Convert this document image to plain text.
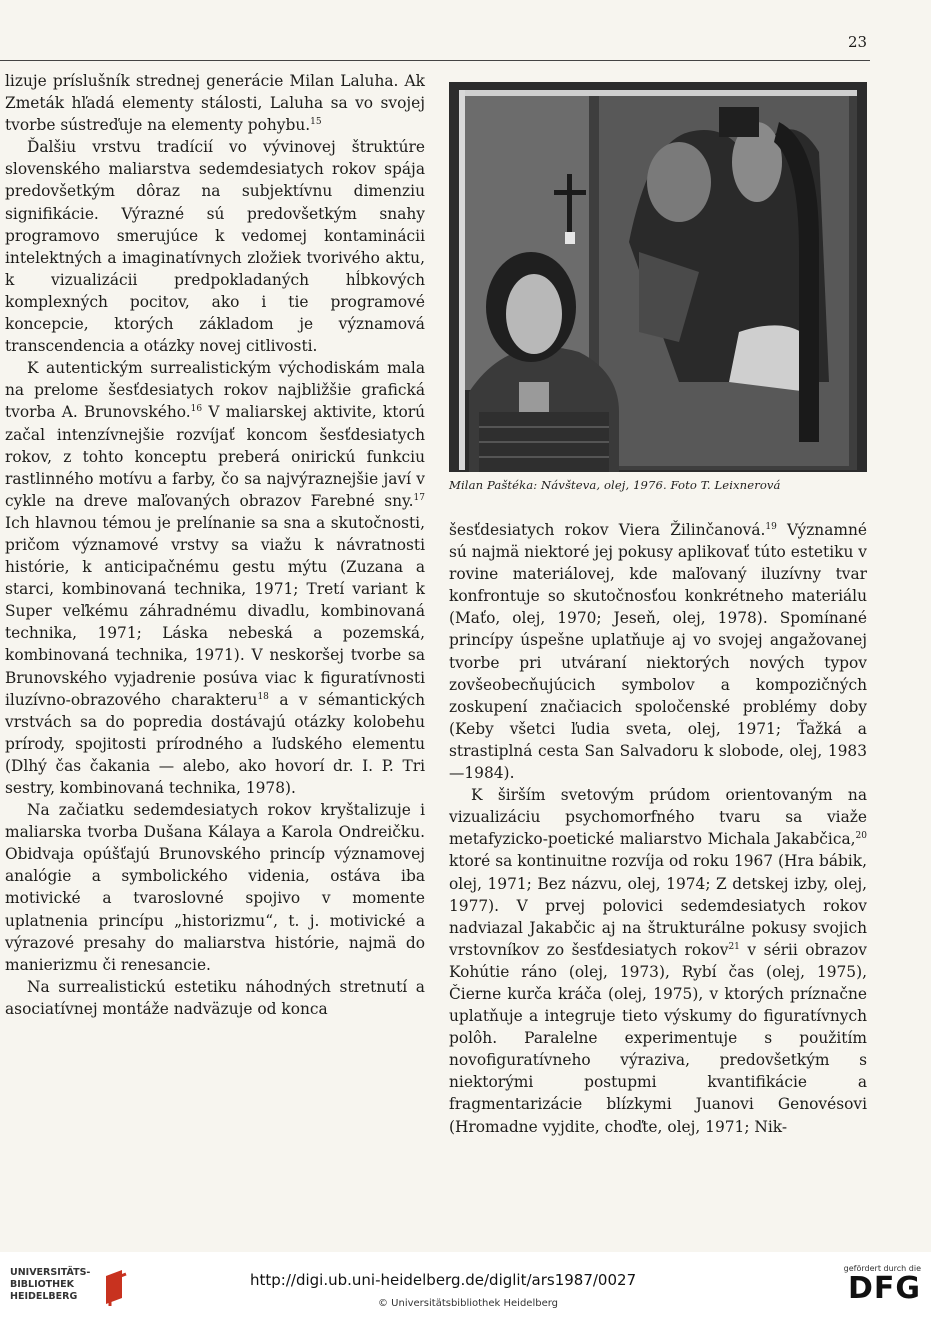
23

lizuje príslušník strednej generácie Milan Laluha. Ak Zmeták hľadá elementy stálosti, Laluha sa vo svojej tvorbe sústreďuje na elementy pohybu.$^{15}$

Ďalšiu vrstvu tradícií vo vývinovej štruktúre slovenského maliarstva sedemdesiatych rokov spája predovšetkým dôraz na subjektívnu dimenziu signifikácie. Výrazné sú predovšetkým snahy programovo smerujúce k vedomej kontaminácii intelektných a imaginatívnych zložiek tvorivého aktu, k vizualizácii predpokladaných hĺbkových komplexných pocitov, ako i tie programové koncepcie, ktorých základom je významová transcendencia a otázky novej citlivosti.

K autentickým surrealistickým východiskám mala na prelome šesťdesiatych rokov najbližšie grafická tvorba A. Brunovského.$^{16}$ V maliarskej aktivite, ktorú začal intenzívnejšie rozvíjať koncom šesťdesiatych rokov, z tohto konceptu preberá onirickú funkciu rastlinného motívu a farby, čo sa najvýraznejšie javí v cykle na dreve maľovaných obrazov Farebné sny.$^{17}$ Ich hlavnou témou je prelínanie sa sna a skutočnosti, pričom významové vrstvy sa viažu k návratnosti histórie, k anticipačnému gestu mýtu (Zuzana a starci, kombinovaná technika, 1971; Tretí variant k Super veľkému záhradnému divadlu, kombinovaná technika, 1971; Láska nebeská a pozemská, kombinovaná technika, 1971). V neskoršej tvorbe sa Brunovského vyjadrenie posúva viac k figuratívnosti iluzívno-obrazového charakteru$^{18}$ a v sémantických vrstvách sa do popredia dostávajú otázky kolobehu prírody, spojitosti prírodného a ľudského elementu (Dlhý čas čakania — alebo, ako hovorí dr. I. P. Tri sestry, kombinovaná technika, 1978).

Na začiatku sedemdesiatych rokov kryštalizuje i maliarska tvorba Dušana Kálaya a Karola Ondreičku. Obidvaja opúšťajú Brunovského princíp významovej analógie a symbolického videnia, ostáva iba motivické a tvaroslovné spojivo v momente uplatnenia princípu „historizmu“, t. j. motivické a výrazové presahy do maliarstva histórie, najmä do manierizmu či renesancie.

Na surrealistickú estetiku náhodných stretnutí a asociatívnej montáže nadväzuje od konca

Milan Paštéka: Návšteva, olej, 1976. Foto T. Leixnerová

šesťdesiatych rokov Viera Žilinčanová.$^{19}$ Významné sú najmä niektoré jej pokusy aplikovať túto estetiku v rovine materiálovej, kde maľovaný iluzívny tvar konfrontuje so skutočnosťou konkrétneho materiálu (Maťo, olej, 1970; Jeseň, olej, 1978). Spomínané princípy úspešne uplatňuje aj vo svojej angažovanej tvorbe pri utváraní niektorých nových typov zovšeobecňujúcich symbolov a kompozičných zoskupení značiacich spoločenské problémy doby (Keby všetci ľudia sveta, olej, 1971; Ťažká a strastiplná cesta San Salvadoru k slobode, olej, 1983—1984).

K širším svetovým prúdom orientovaným na vizualizáciu psychomorfného tvaru sa viaže metafyzicko-poetické maliarstvo Michala Jakabčica,$^{20}$ ktoré sa kontinuitne rozvíja od roku 1967 (Hra bábik, olej, 1971; Bez názvu, olej, 1974; Z detskej izby, olej, 1977). V prvej polovici sedemdesiatych rokov nadviazal Jakabčic aj na štrukturálne pokusy svojich vrstovníkov zo šesťdesiatych rokov$^{21}$ v sérii obrazov Kohútie ráno (olej, 1973), Rybí čas (olej, 1975), Čierne kurča kráča (olej, 1975), v ktorých príznačne uplatňuje a integruje tieto výskumy do figuratívnych polôh. Paralelne experimentuje s použitím novofiguratívneho výraziva, predovšetkým s niektorými postupmi kvantifikácie a fragmentarizácie blízkymi Juanovi Genovésovi (Hromadne vyjdite, choďte, olej, 1971; Nik-

UNIVERSITÄTS-
BIBLIOTHEK
HEIDELBERG
http://digi.ub.uni-heidelberg.de/diglit/ars1987/0027
© Universitätsbibliothek Heidelberg
gefördert durch die
DFG
